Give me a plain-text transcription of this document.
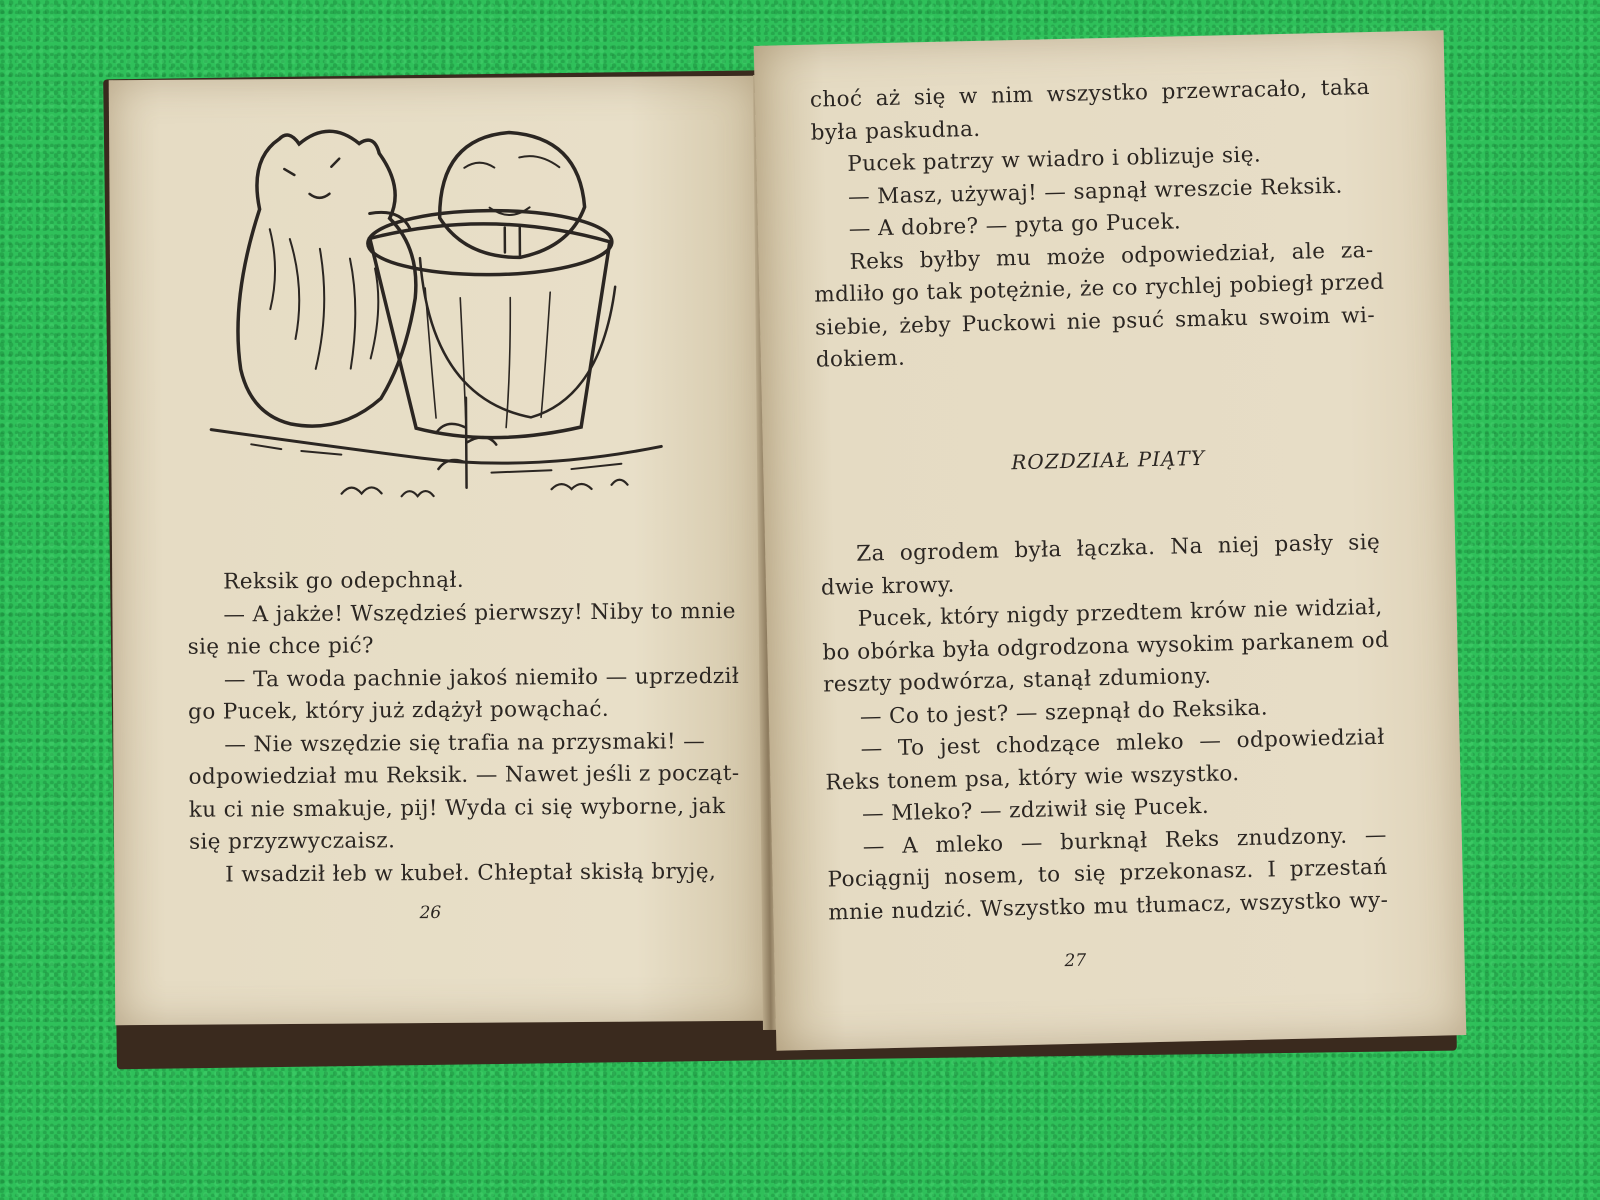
Reksik go odepchnął.
— A jakże! Wszędzieś pierwszy! Niby to mnie
się nie chce pić?
— Ta woda pachnie jakoś niemiło — uprzedził
go Pucek, który już zdążył powąchać.
— Nie wszędzie się trafia na przysmaki! —
odpowiedział mu Reksik. — Nawet jeśli z począt-
ku ci nie smakuje, pij! Wyda ci się wyborne, jak
się przyzwyczaisz.
I wsadził łeb w kubeł. Chłeptał skisłą bryję,
26
choć aż się w nim wszystko przewracało, taka
była paskudna.
Pucek patrzy w wiadro i oblizuje się.
— Masz, używaj! — sapnął wreszcie Reksik.
— A dobre? — pyta go Pucek.
Reks byłby mu może odpowiedział, ale za-
mdliło go tak potężnie, że co rychlej pobiegł przed
siebie, żeby Puckowi nie psuć smaku swoim wi-
dokiem.
ROZDZIAŁ PIĄTY
Za ogrodem była łączka. Na niej pasły się
dwie krowy.
Pucek, który nigdy przedtem krów nie widział,
bo obórka była odgrodzona wysokim parkanem od
reszty podwórza, stanął zdumiony.
— Co to jest? — szepnął do Reksika.
— To jest chodzące mleko — odpowiedział
Reks tonem psa, który wie wszystko.
— Mleko? — zdziwił się Pucek.
— A mleko — burknął Reks znudzony. —
Pociągnij nosem, to się przekonasz. I przestań
mnie nudzić. Wszystko mu tłumacz, wszystko wy-
27
